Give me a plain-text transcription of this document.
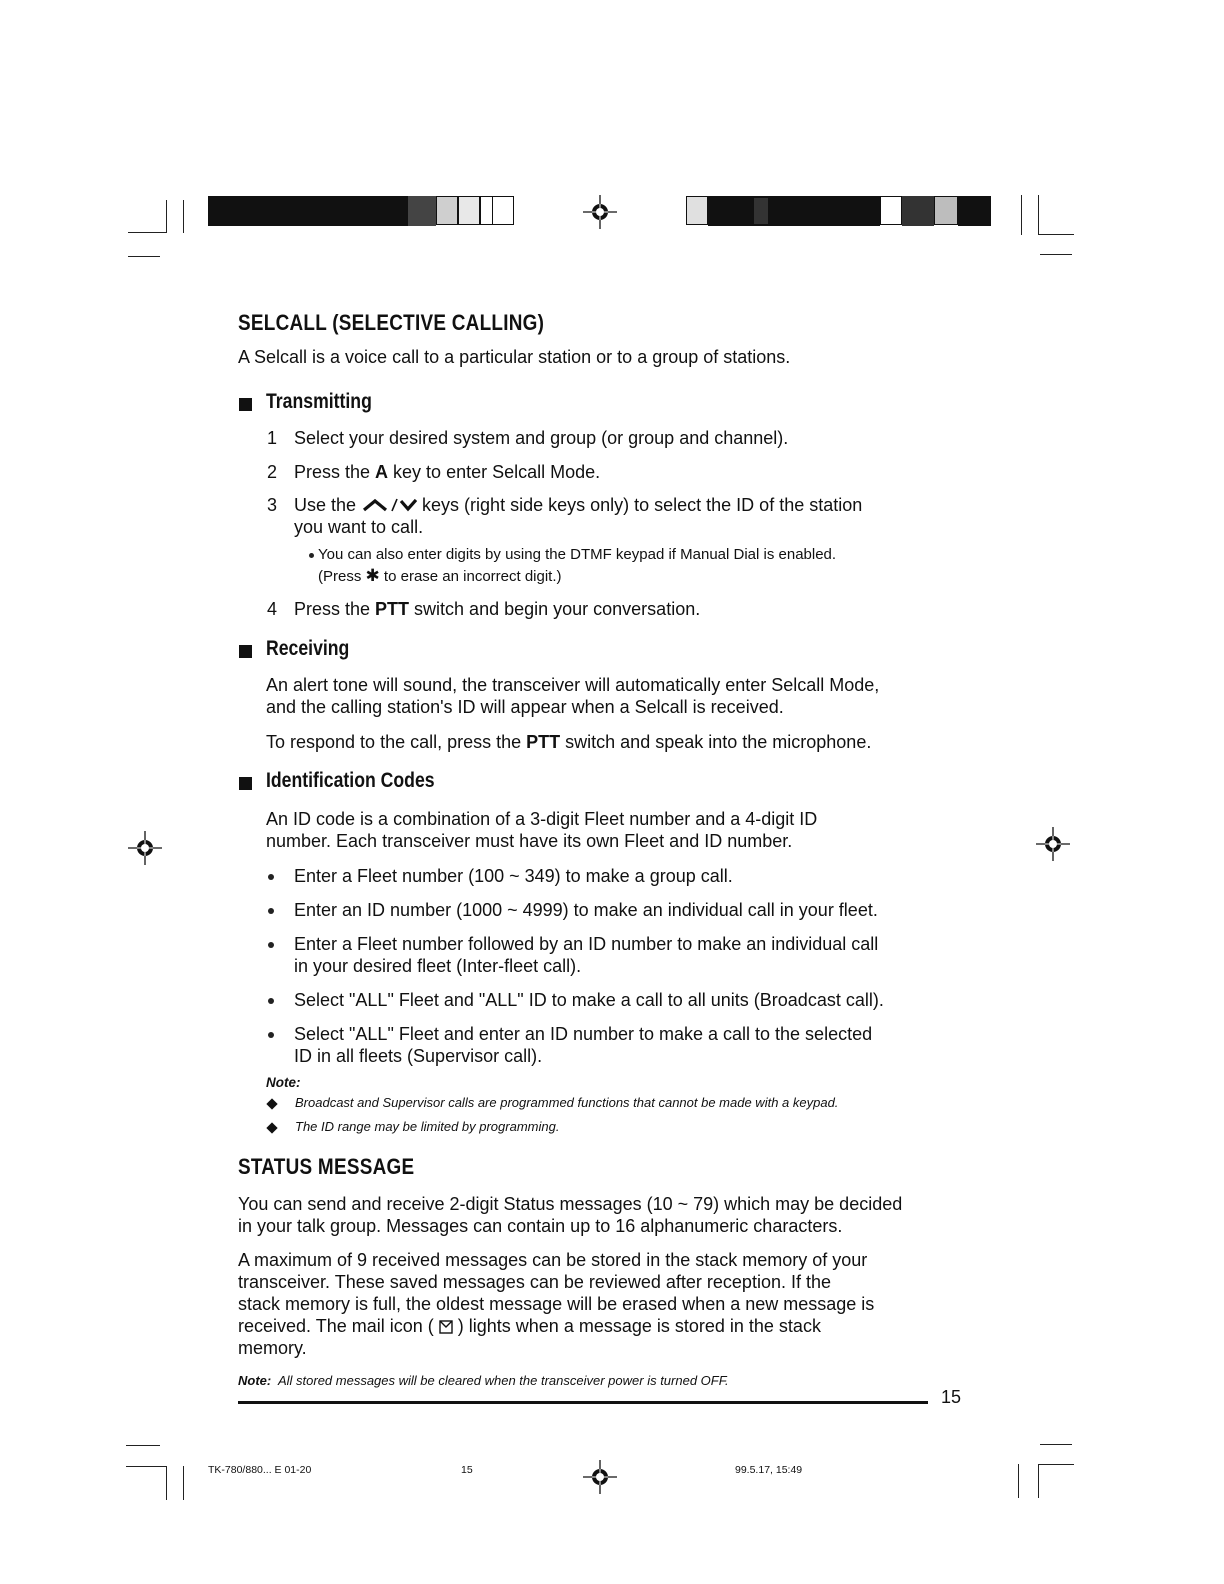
SELCALL (SELECTIVE CALLING)
A Selcall is a voice call to a particular station or to a group of stations.
Transmitting
1 Select your desired system and group (or group and channel).
2 Press the A key to enter Selcall Mode.
3 Use the	keys (right side keys only) to select the ID of the station
you want to call.
You can also enter digits by using the DTMF keypad if Manual Dial is enabled.
(Press ✱ to erase an incorrect digit.)
4 Press the PTT switch and begin your conversation.
Receiving
An alert tone will sound, the transceiver will automatically enter Selcall Mode,
and the calling station's ID will appear when a Selcall is received.
To respond to the call, press the PTT switch and speak into the microphone.
Identification Codes
An ID code is a combination of a 3-digit Fleet number and a 4-digit ID
number. Each transceiver must have its own Fleet and ID number.
Enter a Fleet number (100 ~ 349) to make a group call.
Enter an ID number (1000 ~ 4999) to make an individual call in your fleet.
Enter a Fleet number followed by an ID number to make an individual call
in your desired fleet (Inter-fleet call).
Select "ALL" Fleet and "ALL" ID to make a call to all units (Broadcast call).
Select "ALL" Fleet and enter an ID number to make a call to the selected
ID in all fleets (Supervisor call).
Note:
Broadcast and Supervisor calls are programmed functions that cannot be made with a keypad.
The ID range may be limited by programming.
STATUS MESSAGE
You can send and receive 2-digit Status messages (10 ~ 79) which may be decided
in your talk group. Messages can contain up to 16 alphanumeric characters.
A maximum of 9 received messages can be stored in the stack memory of your
transceiver. These saved messages can be reviewed after reception. If the
stack memory is full, the oldest message will be erased when a new message is
received. The mail icon (  ) lights when a message is stored in the stack
memory.
Note: All stored messages will be cleared when the transceiver power is turned OFF.
15
TK-780/880... E 01-20	15	99.5.17, 15:49
